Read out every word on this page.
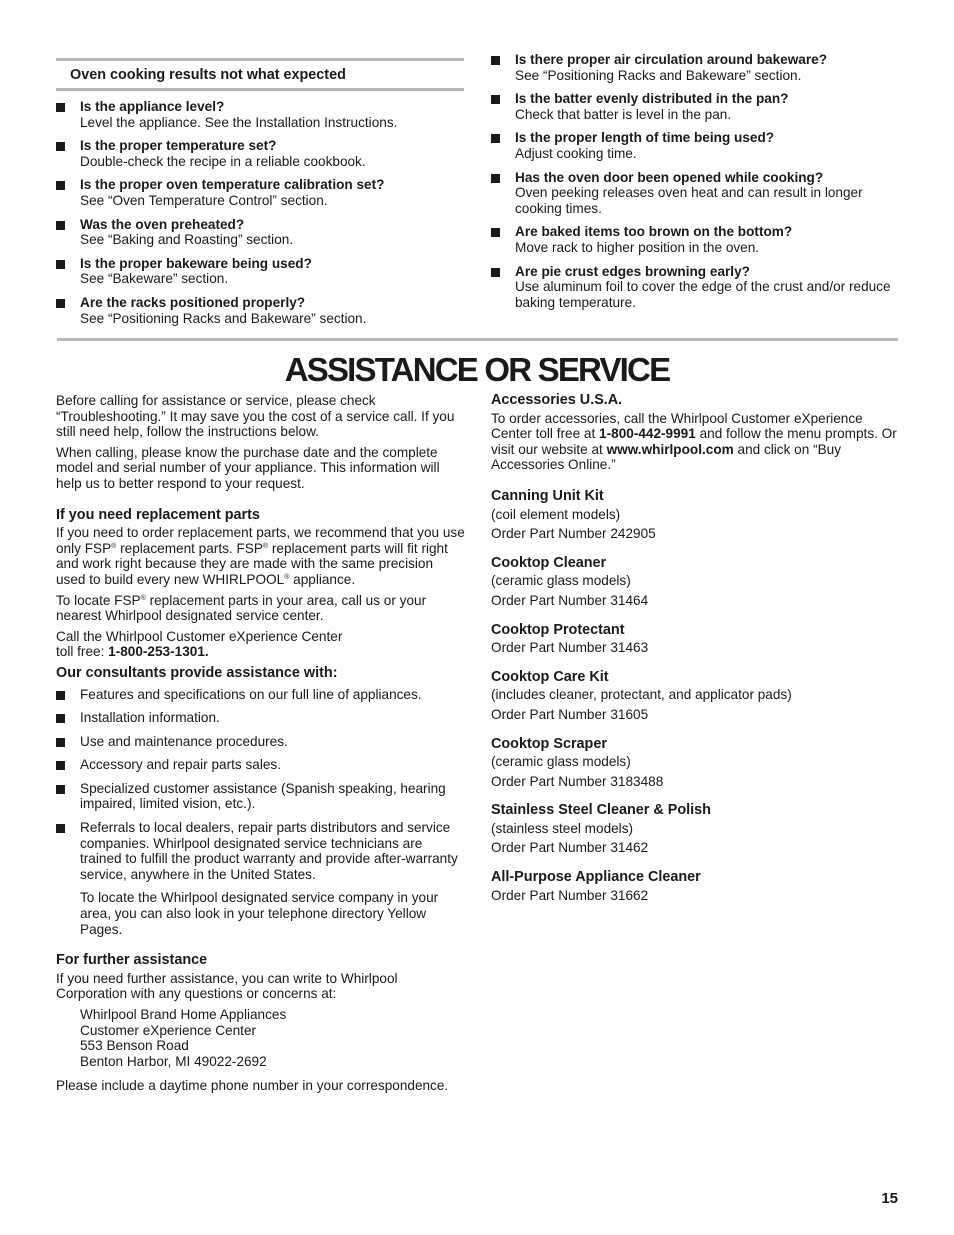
Oven cooking results not what expected
Is the appliance level?
Level the appliance. See the Installation Instructions.
Is the proper temperature set?
Double-check the recipe in a reliable cookbook.
Is the proper oven temperature calibration set?
See “Oven Temperature Control” section.
Was the oven preheated?
See “Baking and Roasting” section.
Is the proper bakeware being used?
See “Bakeware” section.
Are the racks positioned properly?
See “Positioning Racks and Bakeware” section.
Is there proper air circulation around bakeware?
See “Positioning Racks and Bakeware” section.
Is the batter evenly distributed in the pan?
Check that batter is level in the pan.
Is the proper length of time being used?
Adjust cooking time.
Has the oven door been opened while cooking?
Oven peeking releases oven heat and can result in longer cooking times.
Are baked items too brown on the bottom?
Move rack to higher position in the oven.
Are pie crust edges browning early?
Use aluminum foil to cover the edge of the crust and/or reduce baking temperature.
ASSISTANCE OR SERVICE

Before calling for assistance or service, please check “Troubleshooting.” It may save you the cost of a service call. If you still need help, follow the instructions below.

When calling, please know the purchase date and the complete model and serial number of your appliance. This information will help us to better respond to your request.

If you need replacement parts

If you need to order replacement parts, we recommend that you use only FSP® replacement parts. FSP® replacement parts will fit right and work right because they are made with the same precision used to build every new WHIRLPOOL® appliance.

To locate FSP® replacement parts in your area, call us or your nearest Whirlpool designated service center.

Call the Whirlpool Customer eXperience Center
toll free: 1-800-253-1301.

Our consultants provide assistance with:
Features and specifications on our full line of appliances.
Installation information.
Use and maintenance procedures.
Accessory and repair parts sales.
Specialized customer assistance (Spanish speaking, hearing impaired, limited vision, etc.).
Referrals to local dealers, repair parts distributors and service companies. Whirlpool designated service technicians are trained to fulfill the product warranty and provide after-warranty service, anywhere in the United States.

To locate the Whirlpool designated service company in your area, you can also look in your telephone directory Yellow Pages.

For further assistance

If you need further assistance, you can write to Whirlpool Corporation with any questions or concerns at:

Whirlpool Brand Home Appliances
Customer eXperience Center
553 Benson Road
Benton Harbor, MI 49022-2692

Please include a daytime phone number in your correspondence.

Accessories U.S.A.

To order accessories, call the Whirlpool Customer eXperience Center toll free at 1-800-442-9991 and follow the menu prompts. Or visit our website at www.whirlpool.com and click on “Buy Accessories Online.”

Canning Unit Kit
(coil element models)
Order Part Number 242905
Cooktop Cleaner
(ceramic glass models)
Order Part Number 31464
Cooktop Protectant
Order Part Number 31463
Cooktop Care Kit
(includes cleaner, protectant, and applicator pads)
Order Part Number 31605
Cooktop Scraper
(ceramic glass models)
Order Part Number 3183488
Stainless Steel Cleaner & Polish
(stainless steel models)
Order Part Number 31462
All-Purpose Appliance Cleaner
Order Part Number 31662
15
